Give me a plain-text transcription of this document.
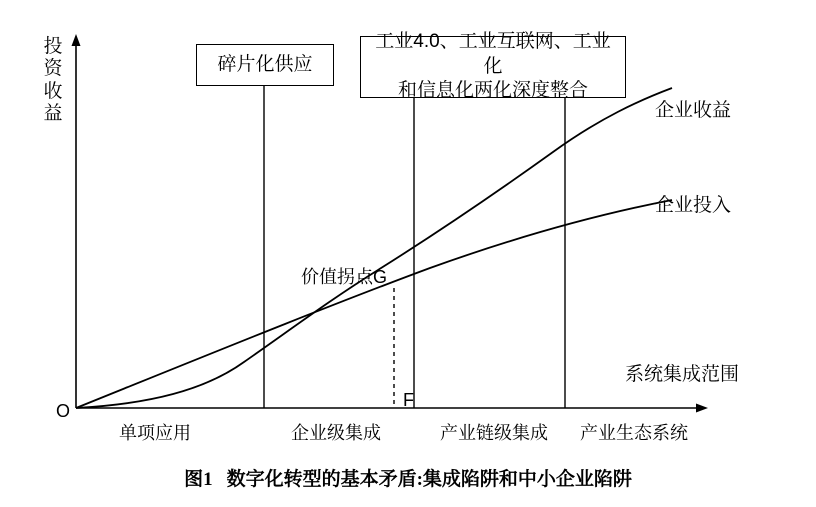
投资收益
系统集成范围
O
碎片化供应
工业4.0、工业互联网、工业化
和信息化两化深度整合
企业收益
企业投入
价值拐点G
F
单项应用	企业级集成	产业链级集成 产业生态系统
图1 数字化转型的基本矛盾:集成陷阱和中小企业陷阱
